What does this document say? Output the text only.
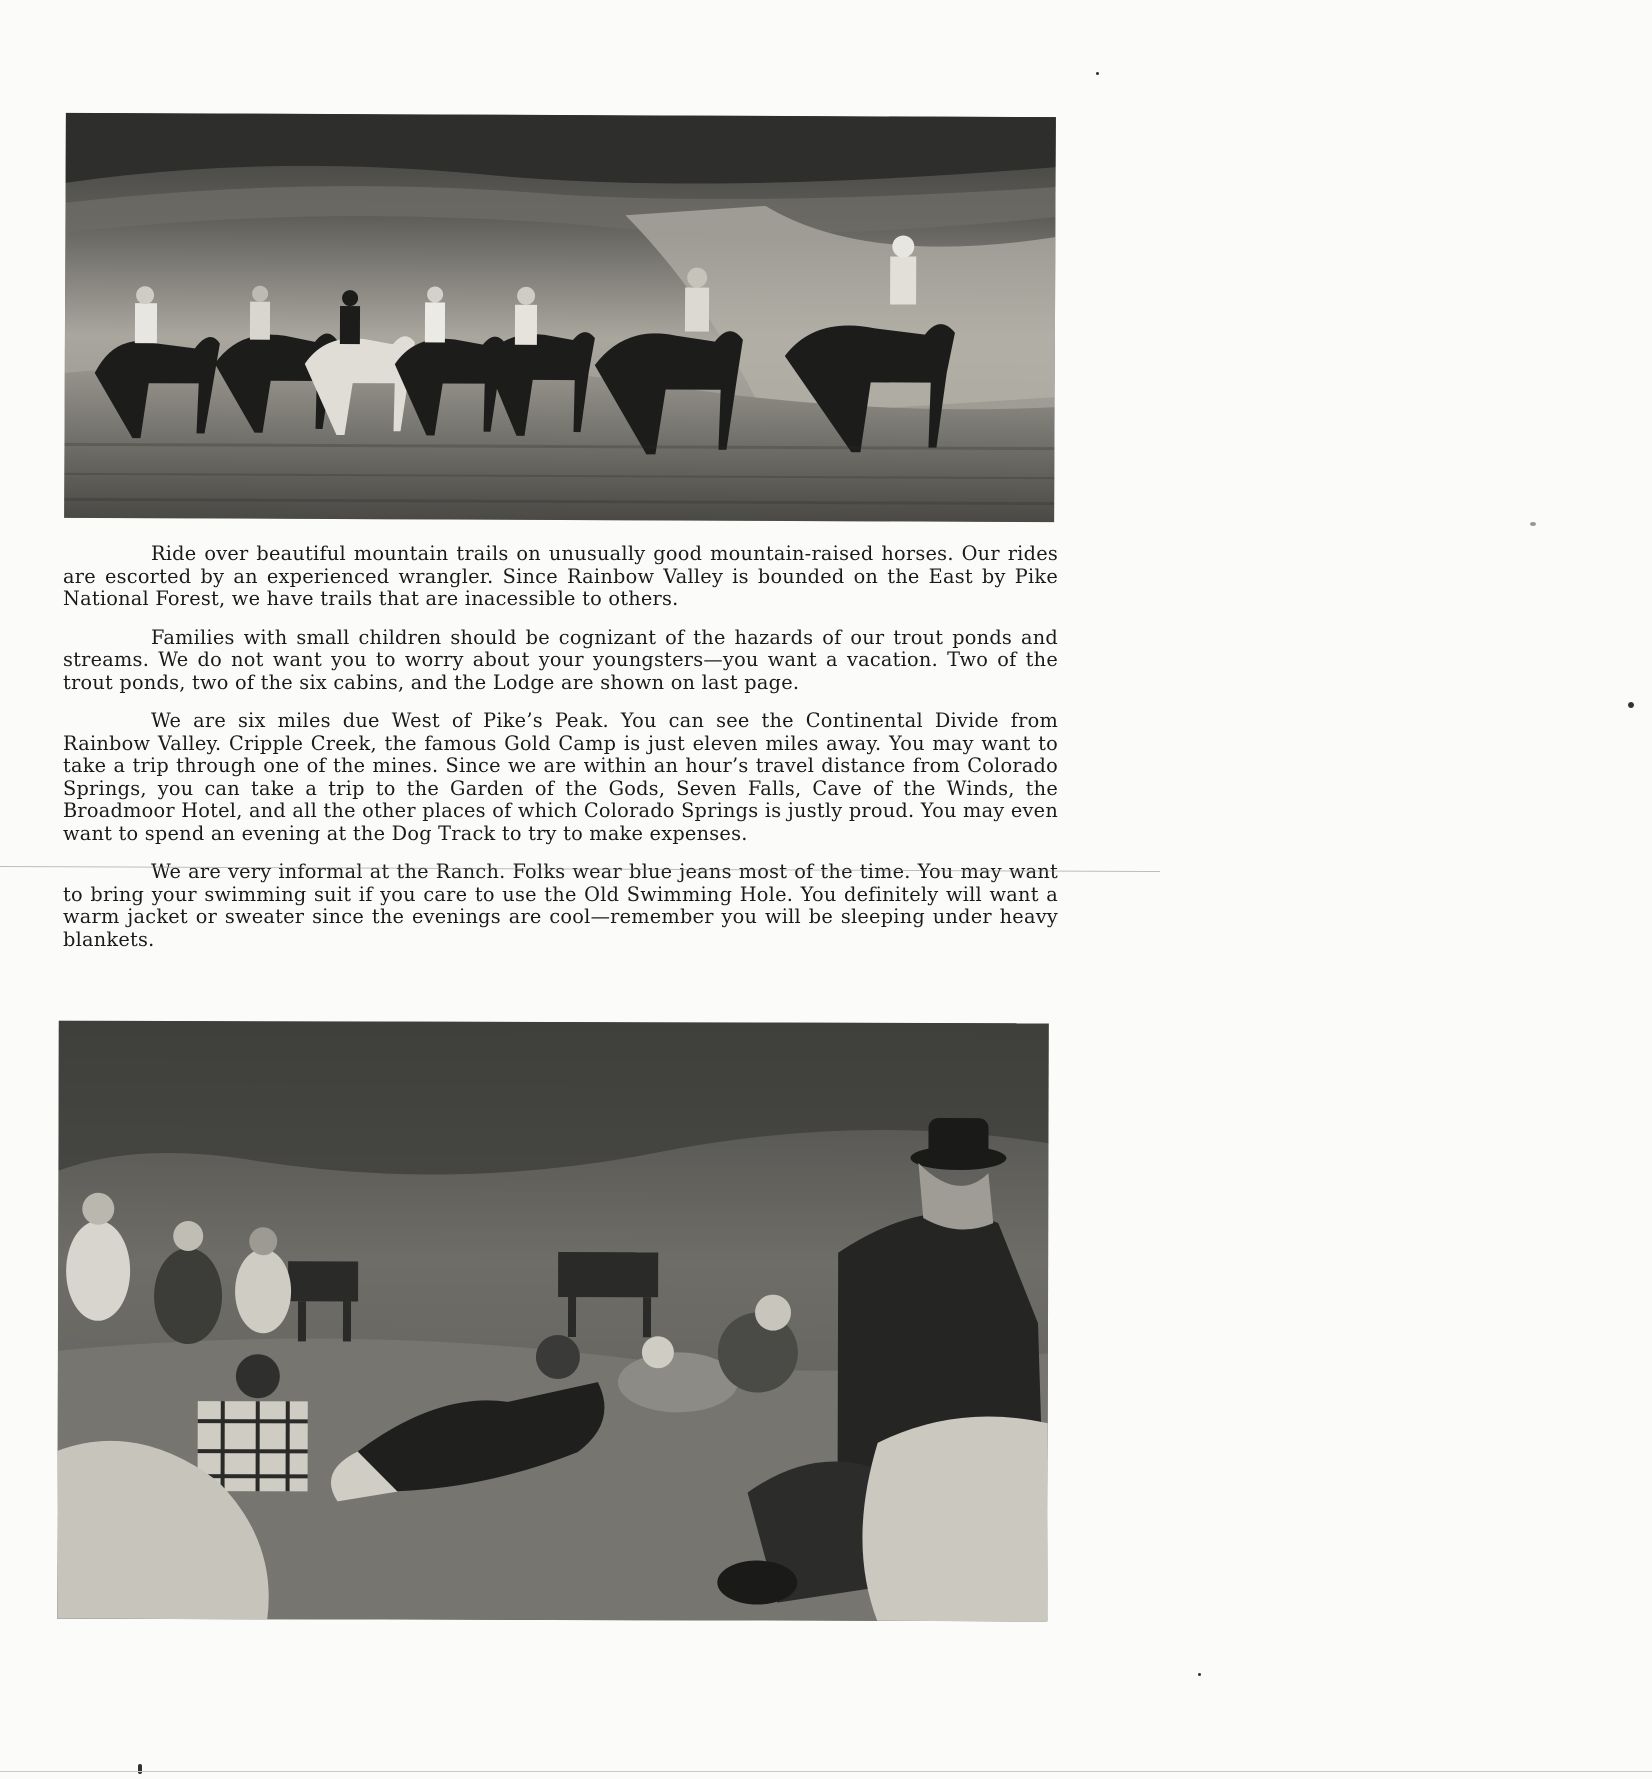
Ride over beautiful mountain trails on unusually good mountain-raised horses. Our rides are escorted by an experienced wrangler. Since Rainbow Valley is bounded on the East by Pike National Forest, we have trails that are inacessible to others.

Families with small children should be cognizant of the hazards of our trout ponds and streams. We do not want you to worry about your youngsters—you want a vacation. Two of the trout ponds, two of the six cabins, and the Lodge are shown on last page.

We are six miles due West of Pike’s Peak. You can see the Continental Divide from Rainbow Valley. Cripple Creek, the famous Gold Camp is just eleven miles away. You may want to take a trip through one of the mines. Since we are within an hour’s travel distance from Colorado Springs, you can take a trip to the Garden of the Gods, Seven Falls, Cave of the Winds, the Broadmoor Hotel, and all the other places of which Colorado Springs is justly proud. You may even want to spend an evening at the Dog Track to try to make expenses.

We are very informal at the Ranch. Folks wear blue jeans most of the time. You may want to bring your swimming suit if you care to use the Old Swimming Hole. You definitely will want a warm jacket or sweater since the evenings are cool—remember you will be sleeping under heavy blankets.
